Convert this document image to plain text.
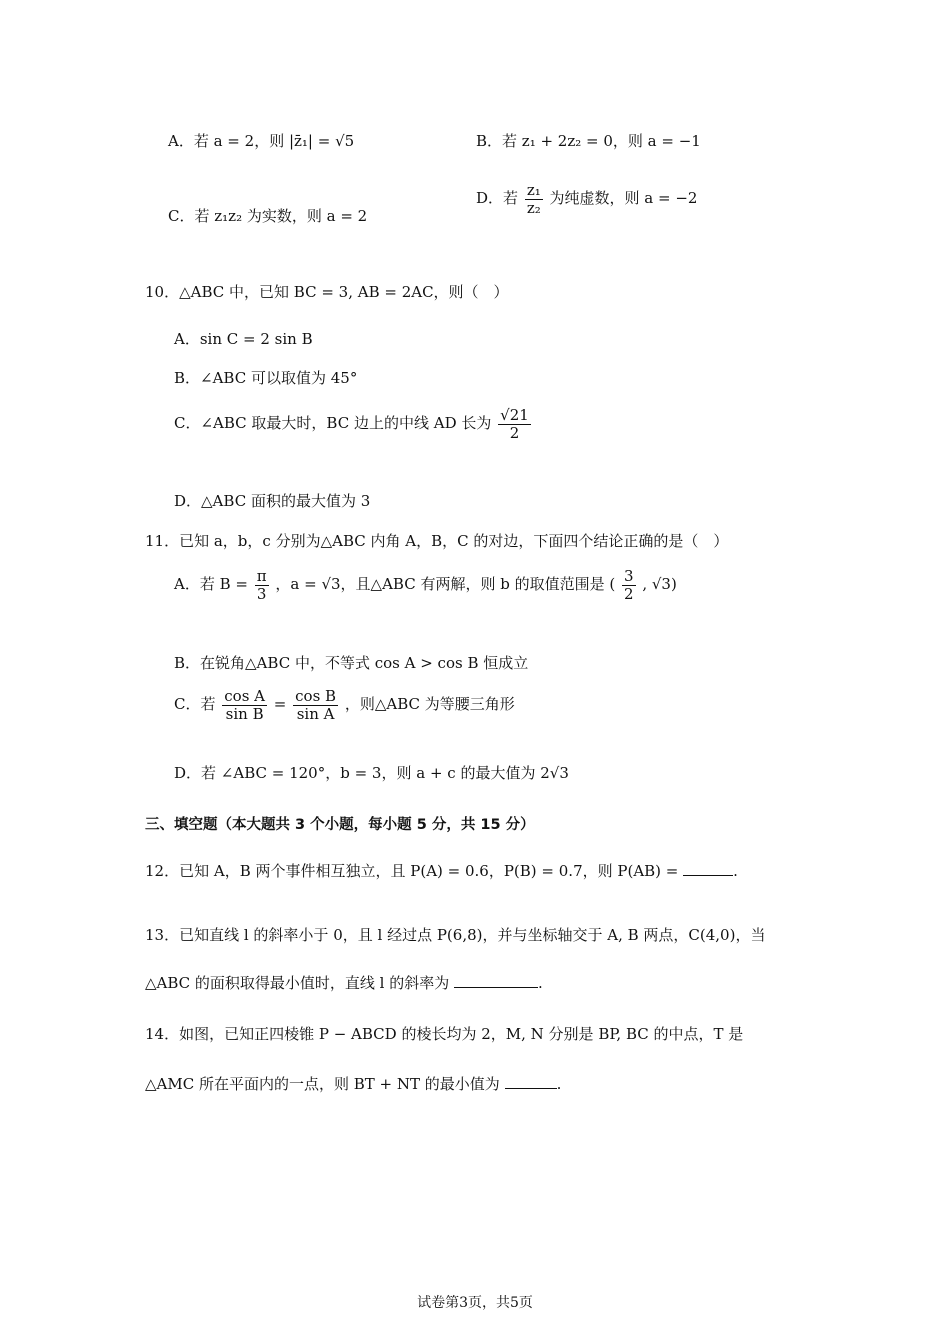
A．若 a = 2，则 |z̄₁| = √5	B．若 z₁ + 2z₂ = 0，则 a = −1
C．若 z₁z₂ 为实数，则 a = 2
D．若 $\frac{\text{z₁}}{\text{z₂}}$ 为纯虚数，则 a = −2
10．△ABC 中，已知 BC = 3, AB = 2AC，则（　）
A．sin C = 2 sin B
B．∠ABC 可以取值为 45°
C．∠ABC 取最大时，BC 边上的中线 AD 长为 $\frac{√21}{2}$
D．△ABC 面积的最大值为 3
11．已知 a，b，c 分别为△ABC 内角 A，B，C 的对边，下面四个结论正确的是（　）
A．若 $B = \frac{\pi}{3}$ ，a = √3，且△ABC 有两解，则 b 的取值范围是 ( $\frac{3}{2}$ , √3)
B．在锐角△ABC 中，不等式 cos A > cos B 恒成立
C．若 $\frac{\text{cos A}}{\text{sin B}} = \frac{\text{cos B}}{\text{sin A}}$ ，则△ABC 为等腰三角形
D．若 ∠ABC = 120°，b = 3，则 a + c 的最大值为 2√3
三、填空题（本大题共 3 个小题，每小题 5 分，共 15 分）
12．已知 A，B 两个事件相互独立，且 P(A) = 0.6，P(B) = 0.7，则 P(AB) =	.
13．已知直线 l 的斜率小于 0，且 l 经过点 P(6,8)，并与坐标轴交于 A, B 两点，C(4,0)，当
△ABC 的面积取得最小值时，直线 l 的斜率为	.
14．如图，已知正四棱锥 P − ABCD 的棱长均为 2，M, N 分别是 BP, BC 的中点，T 是
△AMC 所在平面内的一点，则 BT + NT 的最小值为	.
试卷第3页，共5页
